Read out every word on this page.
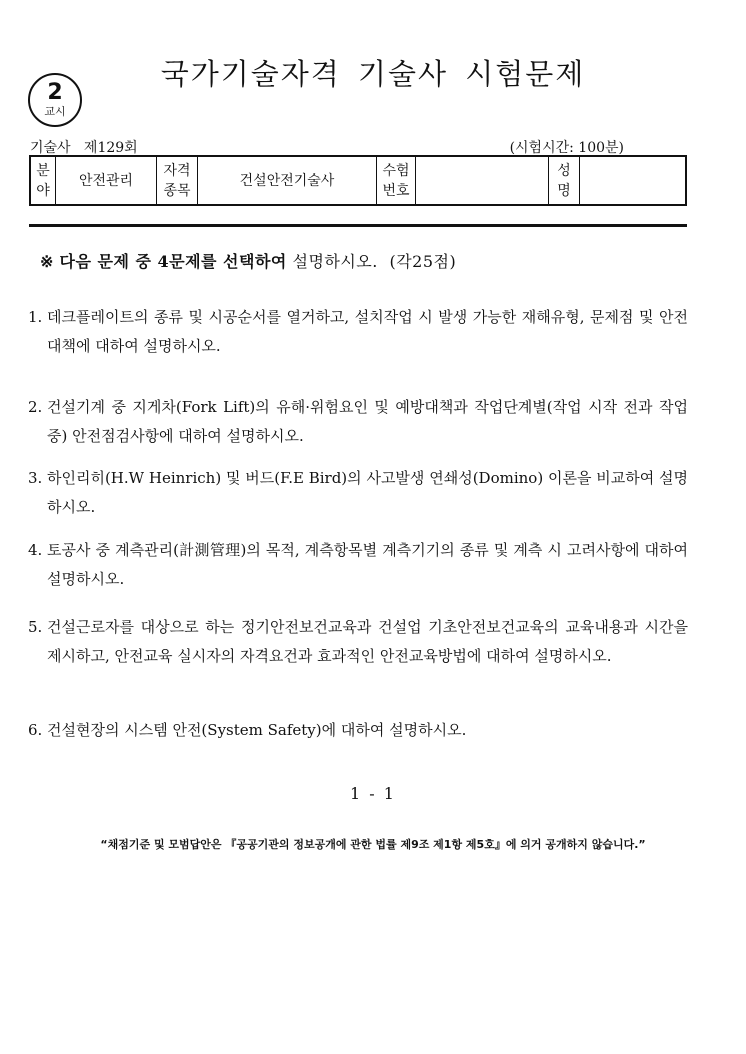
국가기술자격 기술사 시험문제
2
교시
기술사   제129회	(시험시간: 100분)
분야	안전관리	자격종목	건설안전기술사	수험번호		성명	
※ 다음 문제 중 4문제를 선택하여 설명하시오. (각25점)
1. 데크플레이트의 종류 및 시공순서를 열거하고, 설치작업 시 발생 가능한 재해유형, 문제점 및 안전대책에 대하여 설명하시오.
2. 건설기계 중 지게차(Fork Lift)의 유해·위험요인 및 예방대책과 작업단계별(작업 시작 전과 작업 중) 안전점검사항에 대하여 설명하시오.
3. 하인리히(H.W Heinrich) 및 버드(F.E Bird)의 사고발생 연쇄성(Domino) 이론을 비교하여 설명하시오.
4. 토공사 중 계측관리(計測管理)의 목적, 계측항목별 계측기기의 종류 및 계측 시 고려사항에 대하여 설명하시오.
5. 건설근로자를 대상으로 하는 정기안전보건교육과 건설업 기초안전보건교육의 교육내용과 시간을 제시하고, 안전교육 실시자의 자격요건과 효과적인 안전교육방법에 대하여 설명하시오.
6. 건설현장의 시스템 안전(System Safety)에 대하여 설명하시오.
1 - 1
“채점기준 및 모범답안은 『공공기관의 정보공개에 관한 법률 제9조 제1항 제5호』에 의거 공개하지 않습니다.”
